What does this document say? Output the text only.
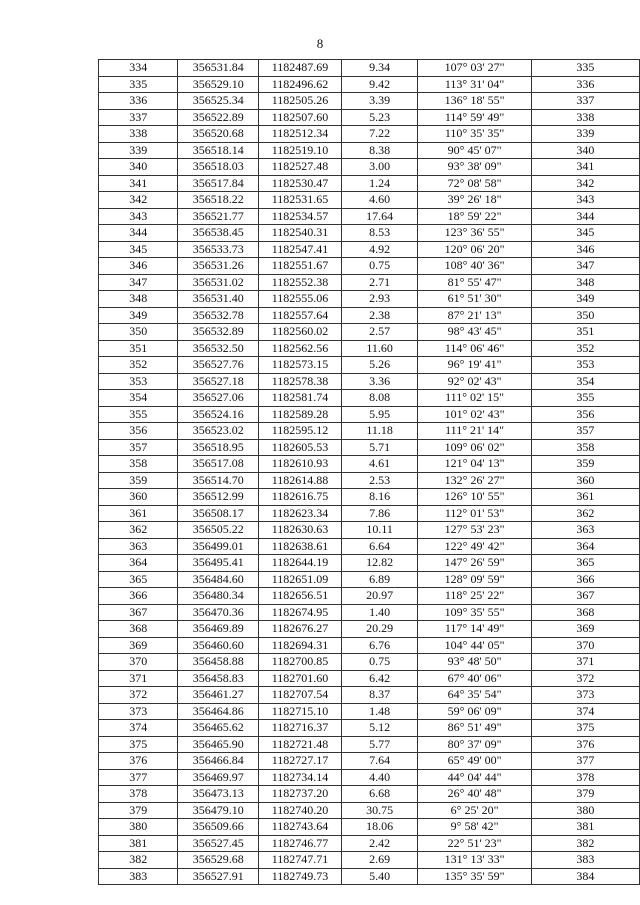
8
334	356531.84	1182487.69	9.34	107° 03' 27"	335
335	356529.10	1182496.62	9.42	113° 31' 04"	336
336	356525.34	1182505.26	3.39	136° 18' 55"	337
337	356522.89	1182507.60	5.23	114° 59' 49"	338
338	356520.68	1182512.34	7.22	110° 35' 35"	339
339	356518.14	1182519.10	8.38	90° 45' 07"	340
340	356518.03	1182527.48	3.00	93° 38' 09"	341
341	356517.84	1182530.47	1.24	72° 08' 58"	342
342	356518.22	1182531.65	4.60	39° 26' 18"	343
343	356521.77	1182534.57	17.64	18° 59' 22"	344
344	356538.45	1182540.31	8.53	123° 36' 55"	345
345	356533.73	1182547.41	4.92	120° 06' 20"	346
346	356531.26	1182551.67	0.75	108° 40' 36"	347
347	356531.02	1182552.38	2.71	81° 55' 47"	348
348	356531.40	1182555.06	2.93	61° 51' 30"	349
349	356532.78	1182557.64	2.38	87° 21' 13"	350
350	356532.89	1182560.02	2.57	98° 43' 45"	351
351	356532.50	1182562.56	11.60	114° 06' 46"	352
352	356527.76	1182573.15	5.26	96° 19' 41"	353
353	356527.18	1182578.38	3.36	92° 02' 43"	354
354	356527.06	1182581.74	8.08	111° 02' 15"	355
355	356524.16	1182589.28	5.95	101° 02' 43"	356
356	356523.02	1182595.12	11.18	111° 21' 14"	357
357	356518.95	1182605.53	5.71	109° 06' 02"	358
358	356517.08	1182610.93	4.61	121° 04' 13"	359
359	356514.70	1182614.88	2.53	132° 26' 27"	360
360	356512.99	1182616.75	8.16	126° 10' 55"	361
361	356508.17	1182623.34	7.86	112° 01' 53"	362
362	356505.22	1182630.63	10.11	127° 53' 23"	363
363	356499.01	1182638.61	6.64	122° 49' 42"	364
364	356495.41	1182644.19	12.82	147° 26' 59"	365
365	356484.60	1182651.09	6.89	128° 09' 59"	366
366	356480.34	1182656.51	20.97	118° 25' 22"	367
367	356470.36	1182674.95	1.40	109° 35' 55"	368
368	356469.89	1182676.27	20.29	117° 14' 49"	369
369	356460.60	1182694.31	6.76	104° 44' 05"	370
370	356458.88	1182700.85	0.75	93° 48' 50"	371
371	356458.83	1182701.60	6.42	67° 40' 06"	372
372	356461.27	1182707.54	8.37	64° 35' 54"	373
373	356464.86	1182715.10	1.48	59° 06' 09"	374
374	356465.62	1182716.37	5.12	86° 51' 49"	375
375	356465.90	1182721.48	5.77	80° 37' 09"	376
376	356466.84	1182727.17	7.64	65° 49' 00"	377
377	356469.97	1182734.14	4.40	44° 04' 44"	378
378	356473.13	1182737.20	6.68	26° 40' 48"	379
379	356479.10	1182740.20	30.75	6° 25' 20"	380
380	356509.66	1182743.64	18.06	9° 58' 42"	381
381	356527.45	1182746.77	2.42	22° 51' 23"	382
382	356529.68	1182747.71	2.69	131° 13' 33"	383
383	356527.91	1182749.73	5.40	135° 35' 59"	384
